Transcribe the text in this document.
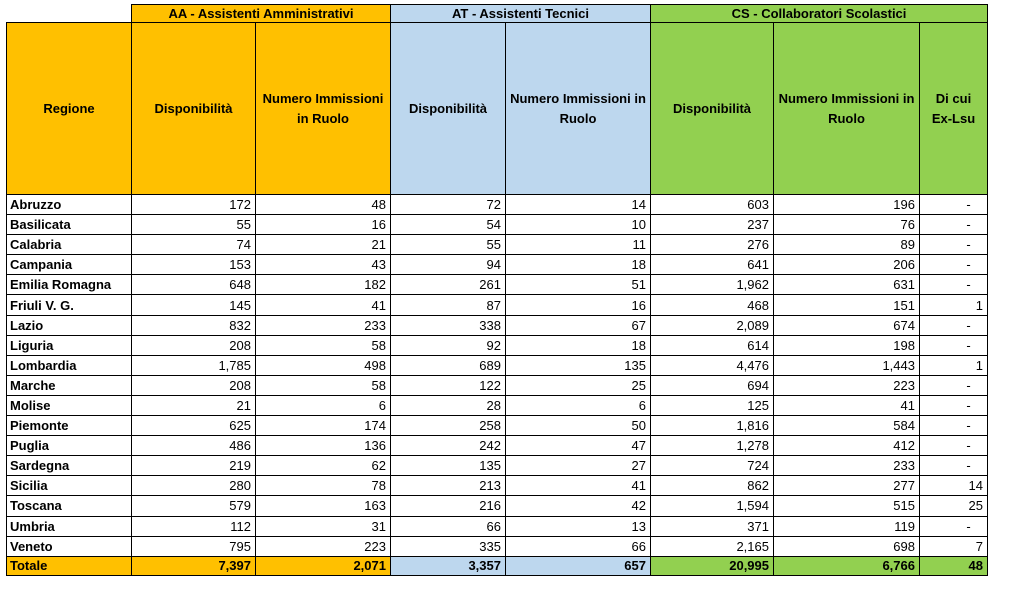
	AA - Assistenti Amministrativi		AT - Assistenti Tecnici		CS - Collaboratori Scolastici		
Regione	Disponibilità	Numero Immissioni in Ruolo	Disponibilità	Numero Immissioni in Ruolo	Disponibilità	Numero Immissioni in Ruolo	Di cui Ex-Lsu
Abruzzo	172	48	72	14	603	196	-
Basilicata	55	16	54	10	237	76	-
Calabria	74	21	55	11	276	89	-
Campania	153	43	94	18	641	206	-
Emilia Romagna	648	182	261	51	1,962	631	-
Friuli V. G.	145	41	87	16	468	151	1
Lazio	832	233	338	67	2,089	674	-
Liguria	208	58	92	18	614	198	-
Lombardia	1,785	498	689	135	4,476	1,443	1
Marche	208	58	122	25	694	223	-
Molise	21	6	28	6	125	41	-
Piemonte	625	174	258	50	1,816	584	-
Puglia	486	136	242	47	1,278	412	-
Sardegna	219	62	135	27	724	233	-
Sicilia	280	78	213	41	862	277	14
Toscana	579	163	216	42	1,594	515	25
Umbria	112	31	66	13	371	119	-
Veneto	795	223	335	66	2,165	698	7
Totale	7,397	2,071	3,357	657	20,995	6,766	48
